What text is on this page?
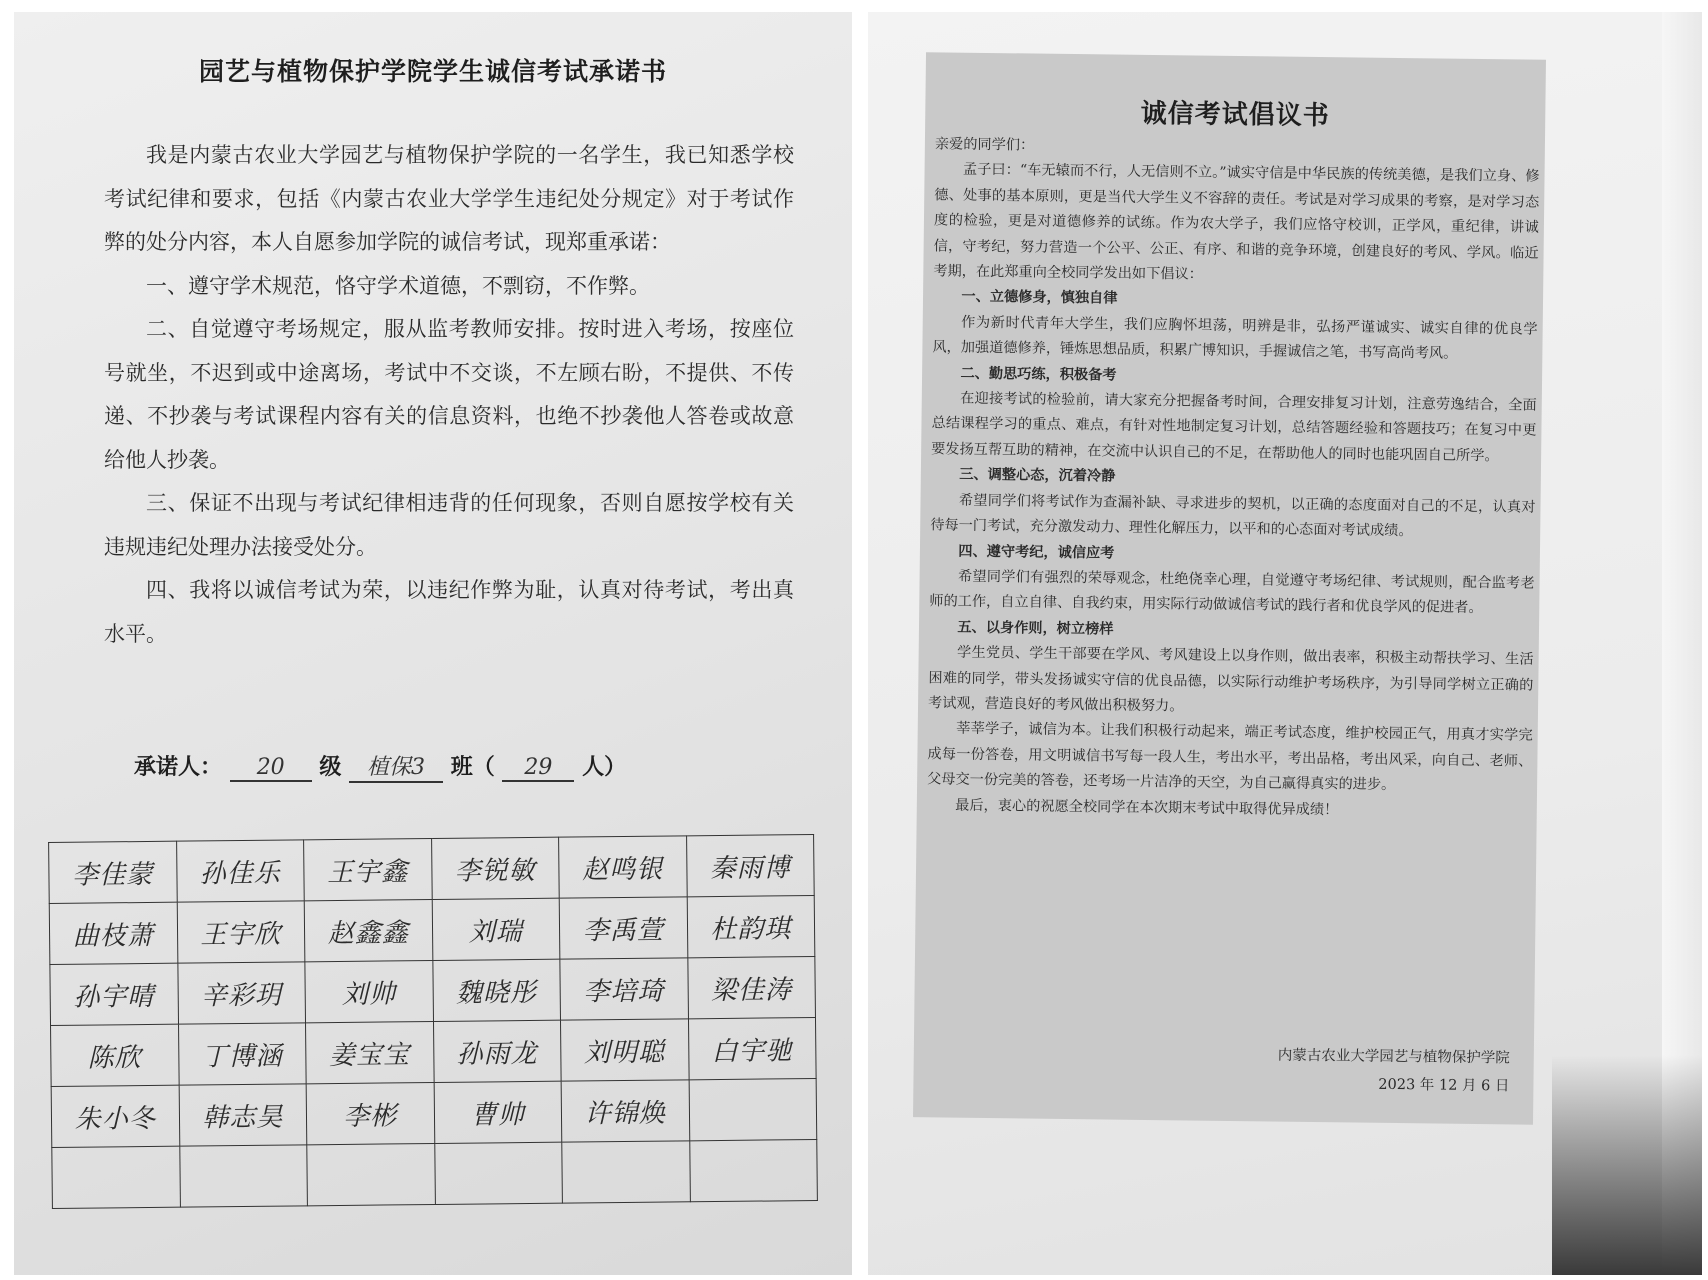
园艺与植物保护学院学生诚信考试承诺书

我是内蒙古农业大学园艺与植物保护学院的一名学生，我已知悉学校考试纪律和要求，包括《内蒙古农业大学学生违纪处分规定》对于考试作弊的处分内容，本人自愿参加学院的诚信考试，现郑重承诺：

一、遵守学术规范，恪守学术道德，不剽窃，不作弊。

二、自觉遵守考场规定，服从监考教师安排。按时进入考场，按座位号就坐，不迟到或中途离场，考试中不交谈，不左顾右盼，不提供、不传递、不抄袭与考试课程内容有关的信息资料，也绝不抄袭他人答卷或故意给他人抄袭。

三、保证不出现与考试纪律相违背的任何现象，否则自愿按学校有关违规违纪处理办法接受处分。

四、我将以诚信考试为荣，以违纪作弊为耻，认真对待考试，考出真水平。

承诺人： 20 级 植保3 班（ 29 人）
李佳蒙	孙佳乐	王宇鑫	李锐敏	赵鸣银	秦雨博
曲枝萧	王宇欣	赵鑫鑫	刘瑞	李禹萱	杜韵琪
孙宇晴	辛彩玥	刘帅	魏晓彤	李培琦	梁佳涛
陈欣	丁博涵	姜宝宝	孙雨龙	刘明聪	白宇驰
朱小冬	韩志昊	李彬	曹帅	许锦焕	

诚信考试倡议书

亲爱的同学们：

孟子曰：“车无辕而不行，人无信则不立。”诚实守信是中华民族的传统美德，是我们立身、修德、处事的基本原则，更是当代大学生义不容辞的责任。考试是对学习成果的考察，是对学习态度的检验，更是对道德修养的试练。作为农大学子，我们应恪守校训，正学风，重纪律，讲诚信，守考纪，努力营造一个公平、公正、有序、和谐的竞争环境，创建良好的考风、学风。临近考期，在此郑重向全校同学发出如下倡议：

一、立德修身，慎独自律

作为新时代青年大学生，我们应胸怀坦荡，明辨是非，弘扬严谨诚实、诚实自律的优良学风，加强道德修养，锤炼思想品质，积累广博知识，手握诚信之笔，书写高尚考风。

二、勤思巧练，积极备考

在迎接考试的检验前，请大家充分把握备考时间，合理安排复习计划，注意劳逸结合，全面总结课程学习的重点、难点，有针对性地制定复习计划，总结答题经验和答题技巧；在复习中更要发扬互帮互助的精神，在交流中认识自己的不足，在帮助他人的同时也能巩固自己所学。

三、调整心态，沉着冷静

希望同学们将考试作为查漏补缺、寻求进步的契机，以正确的态度面对自己的不足，认真对待每一门考试，充分激发动力、理性化解压力，以平和的心态面对考试成绩。

四、遵守考纪，诚信应考

希望同学们有强烈的荣辱观念，杜绝侥幸心理，自觉遵守考场纪律、考试规则，配合监考老师的工作，自立自律、自我约束，用实际行动做诚信考试的践行者和优良学风的促进者。

五、以身作则，树立榜样

学生党员、学生干部要在学风、考风建设上以身作则，做出表率，积极主动帮扶学习、生活困难的同学，带头发扬诚实守信的优良品德，以实际行动维护考场秩序，为引导同学树立正确的考试观，营造良好的考风做出积极努力。

莘莘学子，诚信为本。让我们积极行动起来，端正考试态度，维护校园正气，用真才实学完成每一份答卷，用文明诚信书写每一段人生，考出水平，考出品格，考出风采，向自己、老师、父母交一份完美的答卷，还考场一片洁净的天空，为自己赢得真实的进步。

最后，衷心的祝愿全校同学在本次期末考试中取得优异成绩！

内蒙古农业大学园艺与植物保护学院
2023 年 12 月 6 日
